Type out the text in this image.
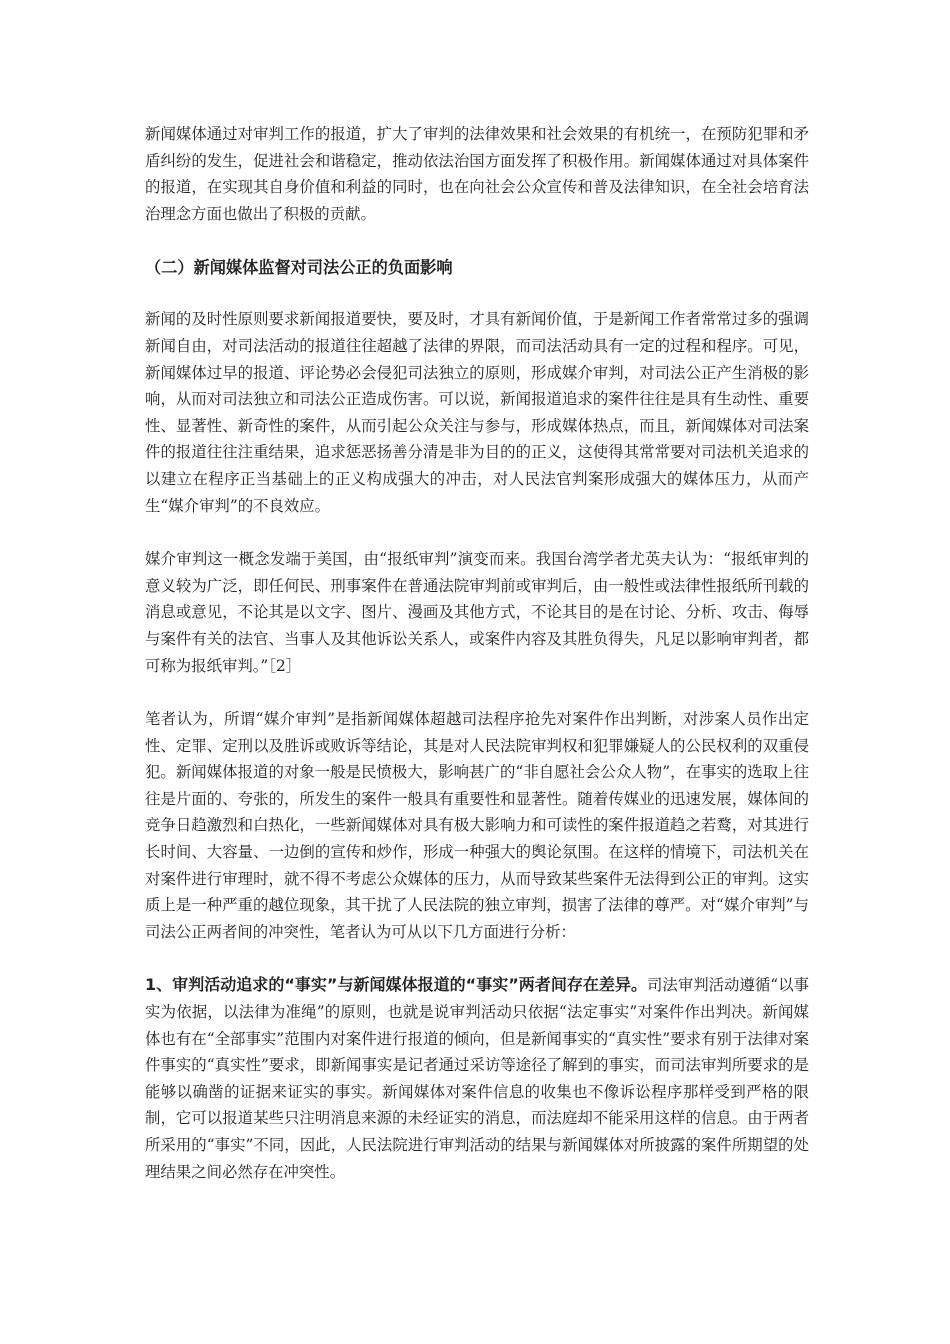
新闻媒体通过对审判工作的报道，扩大了审判的法律效果和社会效果的有机统一，在预防犯罪和矛盾纠纷的发生，促进社会和谐稳定，推动依法治国方面发挥了积极作用。新闻媒体通过对具体案件的报道，在实现其自身价值和利益的同时，也在向社会公众宣传和普及法律知识，在全社会培育法治理念方面也做出了积极的贡献。

（二）新闻媒体监督对司法公正的负面影响

新闻的及时性原则要求新闻报道要快，要及时，才具有新闻价值，于是新闻工作者常常过多的强调新闻自由，对司法活动的报道往往超越了法律的界限，而司法活动具有一定的过程和程序。可见，新闻媒体过早的报道、评论势必会侵犯司法独立的原则，形成媒介审判，对司法公正产生消极的影响，从而对司法独立和司法公正造成伤害。可以说，新闻报道追求的案件往往是具有生动性、重要性、显著性、新奇性的案件，从而引起公众关注与参与，形成媒体热点，而且，新闻媒体对司法案件的报道往往注重结果，追求惩恶扬善分清是非为目的的正义，这使得其常常要对司法机关追求的以建立在程序正当基础上的正义构成强大的冲击，对人民法官判案形成强大的媒体压力，从而产生“媒介审判”的不良效应。

媒介审判这一概念发端于美国，由“报纸审判”演变而来。我国台湾学者尤英夫认为：“报纸审判的意义较为广泛，即任何民、刑事案件在普通法院审判前或审判后，由一般性或法律性报纸所刊载的消息或意见，不论其是以文字、图片、漫画及其他方式，不论其目的是在讨论、分析、攻击、侮辱与案件有关的法官、当事人及其他诉讼关系人，或案件内容及其胜负得失，凡足以影响审判者，都可称为报纸审判。”［2］

笔者认为，所谓“媒介审判”是指新闻媒体超越司法程序抢先对案件作出判断，对涉案人员作出定性、定罪、定刑以及胜诉或败诉等结论，其是对人民法院审判权和犯罪嫌疑人的公民权利的双重侵犯。新闻媒体报道的对象一般是民愤极大，影响甚广的“非自愿社会公众人物”，在事实的选取上往往是片面的、夸张的，所发生的案件一般具有重要性和显著性。随着传媒业的迅速发展，媒体间的竞争日趋激烈和白热化，一些新闻媒体对具有极大影响力和可读性的案件报道趋之若鹜，对其进行长时间、大容量、一边倒的宣传和炒作，形成一种强大的舆论氛围。在这样的情境下，司法机关在对案件进行审理时，就不得不考虑公众媒体的压力，从而导致某些案件无法得到公正的审判。这实质上是一种严重的越位现象，其干扰了人民法院的独立审判，损害了法律的尊严。对“媒介审判”与司法公正两者间的冲突性，笔者认为可从以下几方面进行分析：

1、审判活动追求的“事实”与新闻媒体报道的“事实”两者间存在差异。司法审判活动遵循“以事实为依据，以法律为准绳”的原则，也就是说审判活动只依据“法定事实”对案件作出判决。新闻媒体也有在“全部事实”范围内对案件进行报道的倾向，但是新闻事实的“真实性”要求有别于法律对案件事实的“真实性”要求，即新闻事实是记者通过采访等途径了解到的事实，而司法审判所要求的是能够以确凿的证据来证实的事实。新闻媒体对案件信息的收集也不像诉讼程序那样受到严格的限制，它可以报道某些只注明消息来源的未经证实的消息，而法庭却不能采用这样的信息。由于两者所采用的“事实”不同，因此，人民法院进行审判活动的结果与新闻媒体对所披露的案件所期望的处理结果之间必然存在冲突性。
